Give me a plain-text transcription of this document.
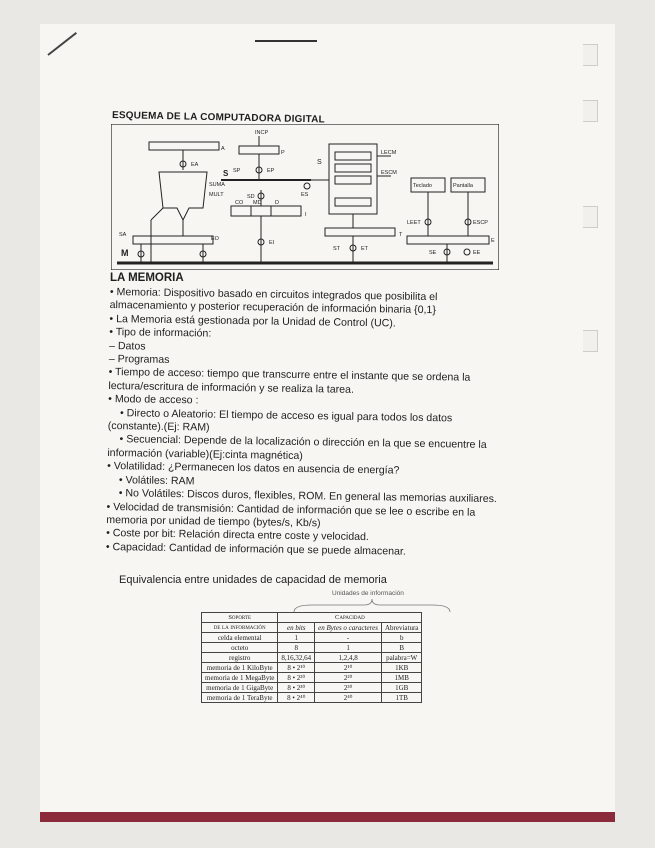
ESQUEMA DE LA COMPUTADORA DIGITAL
A
EA
SUMA
MULT
SA
EO
M
INCP
P
SP	EP
S
SD	ES
CO MD D
I
EI
S
LECM
ESCM
T
ST	ET
Teclado	Pantalla
LEET	ESCP
E
SE	EE
LA MEMORIA
• Memoria: Dispositivo basado en circuitos integrados que posibilita el
almacenamiento y posterior recuperación de información binaria {0,1}
• La Memoria está gestionada por la Unidad de Control (UC).
• Tipo de información:
– Datos
– Programas
• Tiempo de acceso: tiempo que transcurre entre el instante que se ordena la
lectura/escritura de información y se realiza la tarea.
• Modo de acceso :
• Directo o Aleatorio: El tiempo de acceso es igual para todos los datos
(constante).(Ej: RAM)
• Secuencial: Depende de la localización o dirección en la que se encuentre la
información (variable)(Ej:cinta magnética)
• Volatilidad: ¿Permanecen los datos en ausencia de energía?
• Volátiles: RAM
• No Volátiles: Discos duros, flexibles, ROM. En general las memorias auxiliares.
• Velocidad de transmisión: Cantidad de información que se lee o escribe en la
memoria por unidad de tiempo (bytes/s, Kb/s)
• Coste por bit: Relación directa entre coste y velocidad.
• Capacidad: Cantidad de información que se puede almacenar.
Equivalencia entre unidades de capacidad de memoria
Unidades de información
Soporte	Capacidad		
de la información	en bits	en Bytes o caracteres	Abreviatura
celda elemental	1	-	b
octeto	8	1	B
registro	8,16,32,64	1,2,4,8	palabra=W
memoria de 1 KiloByte	8 • 2¹⁰	2¹⁰	1KB
memoria de 1 MegaByte	8 • 2²⁰	2²⁰	1MB
memoria de 1 GigaByte	8 • 2³⁰	2³⁰	1GB
memoria de 1 TeraByte	8 • 2⁴⁰	2⁴⁰	1TB
